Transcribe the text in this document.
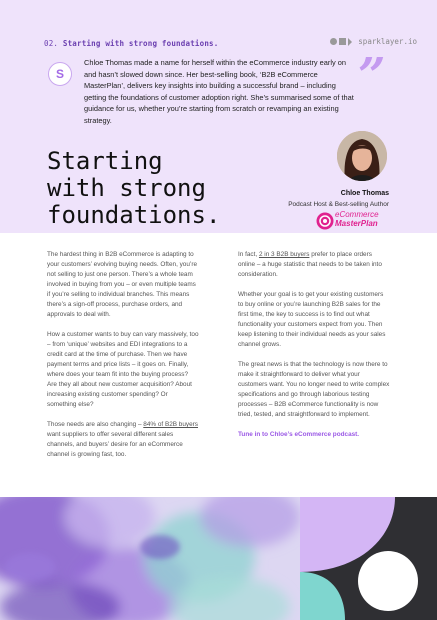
02. Starting with strong foundations.	sparklayer.io
S
Chloe Thomas made a name for herself within the eCommerce industry early on and hasn’t slowed down since. Her best-selling book, ‘B2B eCommerce MasterPlan’, delivers key insights into building a successful brand – including getting the foundations of customer adoption right. She’s summarised some of that guidance for us, whether you’re starting from scratch or revamping an existing strategy.
”
Starting
with strong
foundations.
Chloe Thomas
Podcast Host & Best-selling Author
eCommerce
MasterPlan

The hardest thing in B2B eCommerce is adapting to your customers’ evolving buying needs. Often, you’re not selling to just one person. There’s a whole team involved in buying from you – or even multiple teams if you’re selling to individual branches. This means there’s a sign-off process, purchase orders, and approvals to deal with.

How a customer wants to buy can vary massively, too – from ‘unique’ websites and EDI integrations to a credit card at the time of purchase. Then we have payment terms and price lists – it goes on. Finally, where does your team fit into the buying process? Are they all about new customer acquisition? About increasing existing customer spending? Or something else?

Those needs are also changing – 84% of B2B buyers want suppliers to offer several different sales channels, and buyers’ desire for an eCommerce channel is growing fast, too.

In fact, 2 in 3 B2B buyers prefer to place orders online – a huge statistic that needs to be taken into consideration.

Whether your goal is to get your existing customers to buy online or you’re launching B2B sales for the first time, the key to success is to find out what functionality your customers expect from you. Then keep listening to their individual needs as your sales channel grows.

The great news is that the technology is now there to make it straightforward to deliver what your customers want. You no longer need to write complex specifications and go through laborious testing processes – B2B eCommerce functionality is now tried, tested, and straightforward to implement.

Tune in to Chloe’s eCommerce podcast.
